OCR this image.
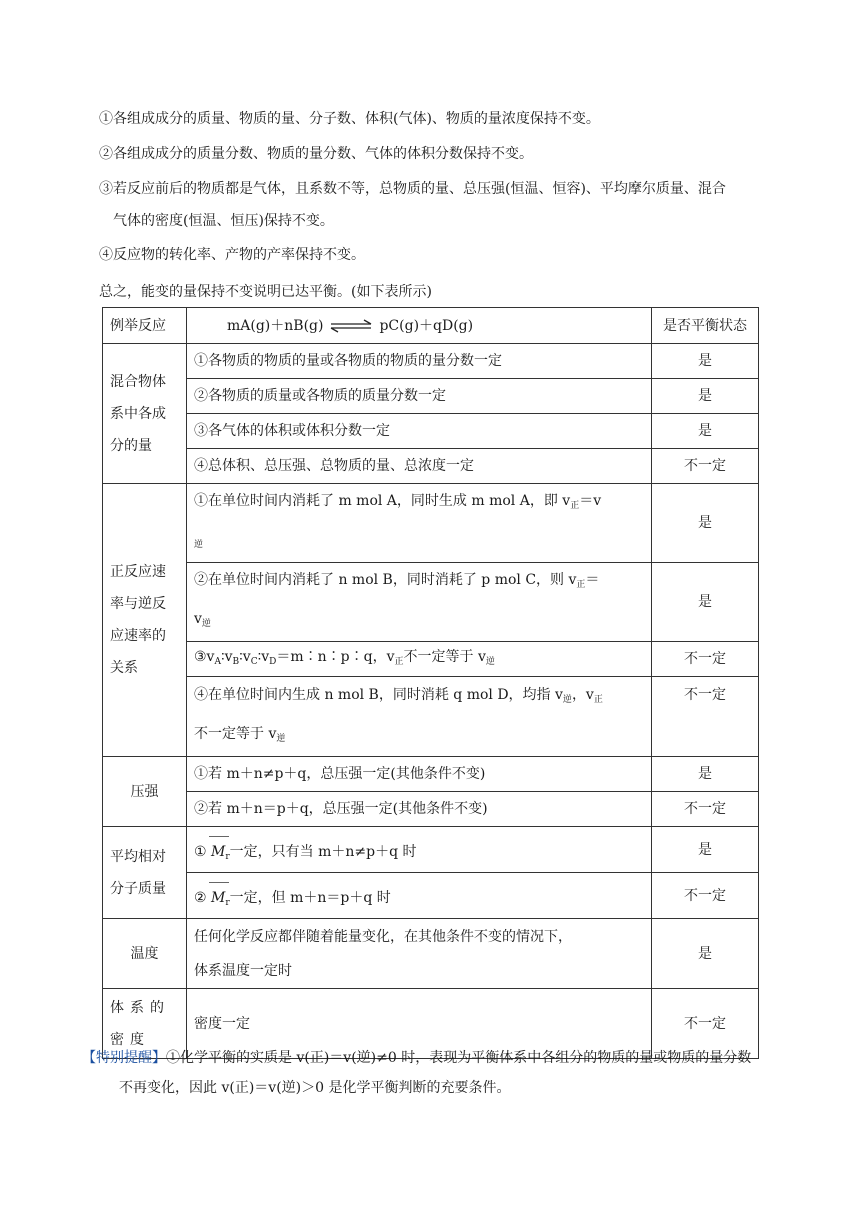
①各组成成分的质量、物质的量、分子数、体积(气体)、物质的量浓度保持不变。
②各组成成分的质量分数、物质的量分数、气体的体积分数保持不变。
③若反应前后的物质都是气体，且系数不等，总物质的量、总压强(恒温、恒容)、平均摩尔质量、混合
气体的密度(恒温、恒压)保持不变。
④反应物的转化率、产物的产率保持不变。
总之，能变的量保持不变说明已达平衡。(如下表所示)
例举反应	mA(g)＋nB(g) ⇌ pC(g)＋qD(g)	是否平衡状态
混合物体系中各成分的量	①各物质的物质的量或各物质的物质的量分数一定	是
	②各物质的质量或各物质的质量分数一定	是
	③各气体的体积或体积分数一定	是
	④总体积、总压强、总物质的量、总浓度一定	不一定
正反应速率与逆反应速率的关系	①在单位时间内消耗了 m mol A，同时生成 m mol A，即 $v_正=v$
$_逆$	是
	②在单位时间内消耗了 n mol B，同时消耗了 p mol C，则 $v_正=$
$v_逆$	是
	$③v_A∶v_B∶v_C∶v_D=m∶n∶p∶q$，$v_正$不一定等于 $v_逆$	不一定
	④在单位时间内生成 n mol B，同时消耗 q mol D，均指 $v_逆$，$v_正$
不一定等于 $v_逆$	不一定
压强	①若 m＋n≠p＋q，总压强一定(其他条件不变)	是
	②若 m＋n＝p＋q，总压强一定(其他条件不变)	不一定
平均相对分子质量	① $M_r$一定，只有当 m＋n≠p＋q 时	是
	② $M_r$一定，但 m＋n＝p＋q 时	不一定
温度	任何化学反应都伴随着能量变化，在其他条件不变的情况下，
体系温度一定时	是
体系的密度	密度一定	不一定
【特别提醒】①化学平衡的实质是 v(正)＝v(逆)≠0 时，表现为平衡体系中各组分的物质的量或物质的量分数
不再变化，因此 v(正)＝v(逆)＞0 是化学平衡判断的充要条件。
